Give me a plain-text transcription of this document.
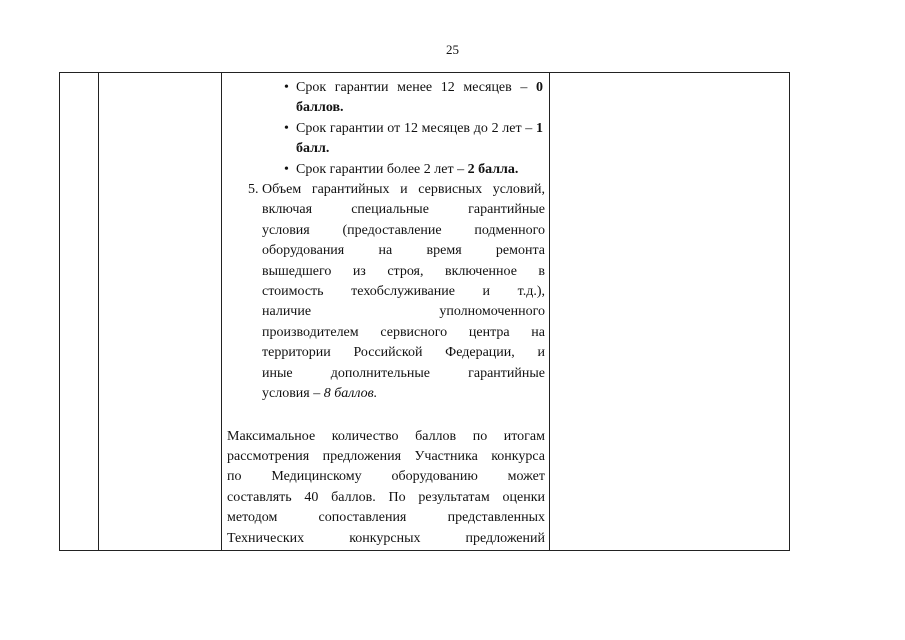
25
• Срок гарантии менее 12 месяцев – 0 баллов.
• Срок гарантии от 12 месяцев до 2 лет – 1 балл.
• Срок гарантии более 2 лет – 2 балла.
5. Объем гарантийных и сервисных условий,
включая специальные гарантийные
условия (предоставление подменного
оборудования на время ремонта
вышедшего из строя, включенное в
стоимость техобслуживание и т.д.),
наличие уполномоченного
производителем сервисного центра на
территории Российской Федерации, и
иные дополнительные гарантийные
условия – 8 баллов.
Максимальное количество баллов по итогам
рассмотрения предложения Участника конкурса
по Медицинскому оборудованию может
составлять 40 баллов. По результатам оценки
методом сопоставления представленных
Технических конкурсных предложений
